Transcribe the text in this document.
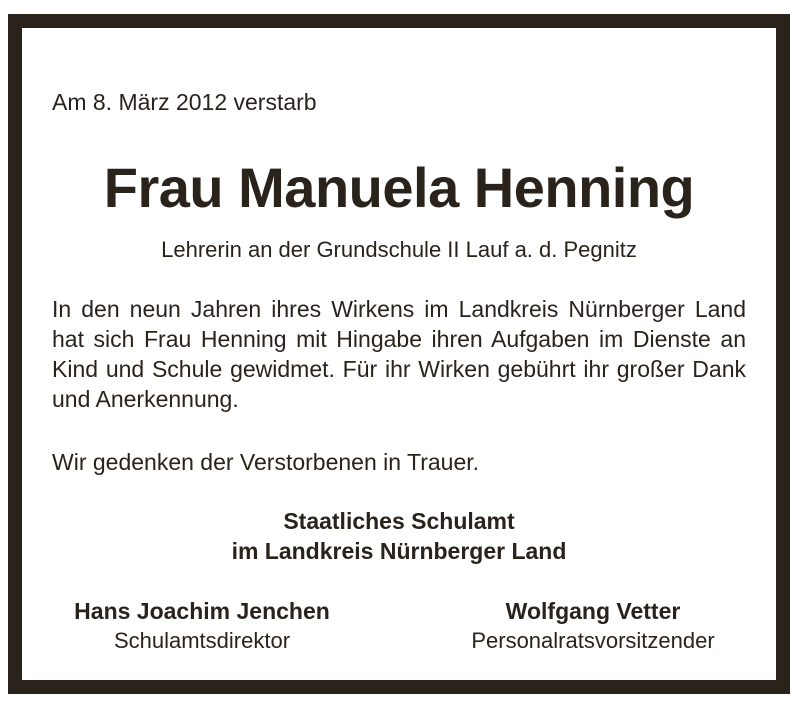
Am 8. März 2012 verstarb
Frau Manuela Henning
Lehrerin an der Grundschule II Lauf a. d. Pegnitz
In den neun Jahren ihres Wirkens im Landkreis Nürnberger Land hat sich Frau Henning mit Hingabe ihren Aufgaben im Dienste an Kind und Schule gewidmet. Für ihr Wirken gebührt ihr großer Dank und Anerkennung.
Wir gedenken der Verstorbenen in Trauer.
Staatliches Schulamt
im Landkreis Nürnberger Land
Hans Joachim Jenchen
Schulamtsdirektor
Wolfgang Vetter
Personalratsvorsitzender
